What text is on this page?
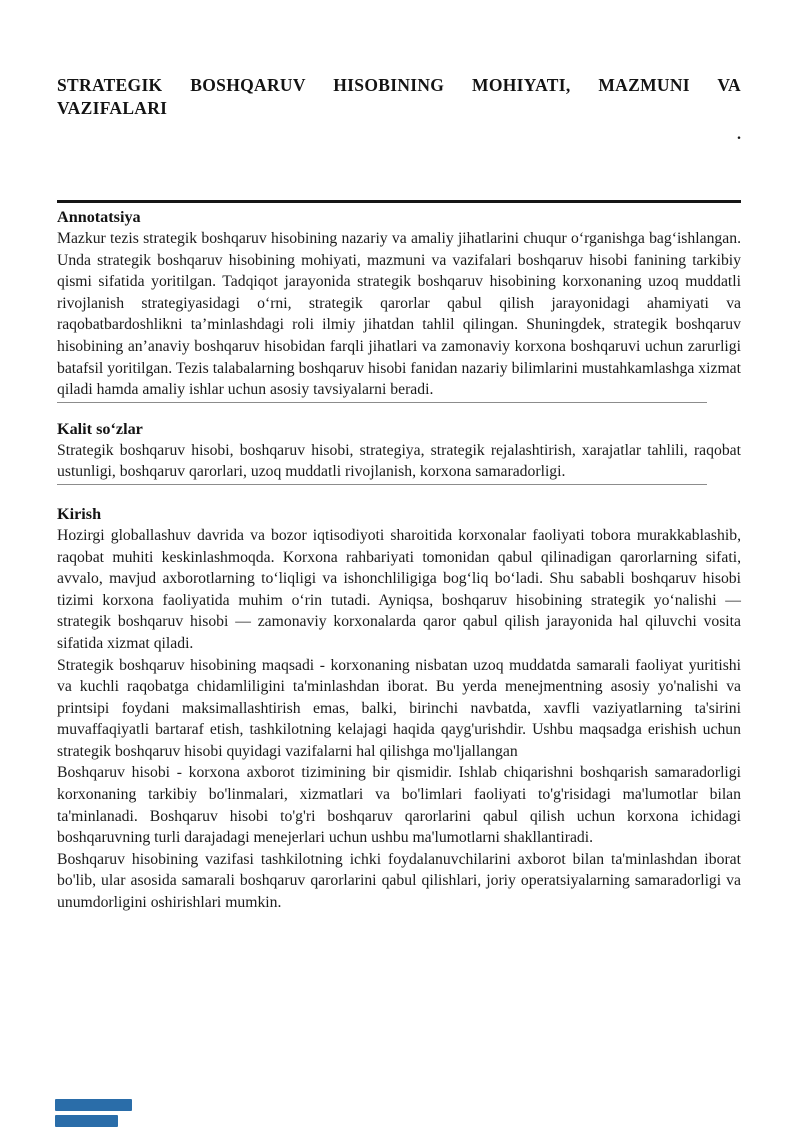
STRATEGIK BOSHQARUV HISOBINING MOHIYATI, MAZMUNI VA
VAZIFALARI
.
Annotatsiya

Mazkur tezis strategik boshqaruv hisobining nazariy va amaliy jihatlarini chuqur o‘rganishga bag‘ishlangan. Unda strategik boshqaruv hisobining mohiyati, mazmuni va vazifalari boshqaruv hisobi fanining tarkibiy qismi sifatida yoritilgan. Tadqiqot jarayonida strategik boshqaruv hisobining korxonaning uzoq muddatli rivojlanish strategiyasidagi o‘rni, strategik qarorlar qabul qilish jarayonidagi ahamiyati va raqobatbardoshlikni ta’minlashdagi roli ilmiy jihatdan tahlil qilingan. Shuningdek, strategik boshqaruv hisobining an’anaviy boshqaruv hisobidan farqli jihatlari va zamonaviy korxona boshqaruvi uchun zarurligi batafsil yoritilgan. Tezis talabalarning boshqaruv hisobi fanidan nazariy bilimlarini mustahkamlashga xizmat qiladi hamda amaliy ishlar uchun asosiy tavsiyalarni beradi.

Kalit so‘zlar

Strategik boshqaruv hisobi, boshqaruv hisobi, strategiya, strategik rejalashtirish, xarajatlar tahlili, raqobat ustunligi, boshqaruv qarorlari, uzoq muddatli rivojlanish, korxona samaradorligi.

Kirish

Hozirgi globallashuv davrida va bozor iqtisodiyoti sharoitida korxonalar faoliyati tobora murakkablashib, raqobat muhiti keskinlashmoqda. Korxona rahbariyati tomonidan qabul qilinadigan qarorlarning sifati, avvalo, mavjud axborotlarning to‘liqligi va ishonchliligiga bog‘liq bo‘ladi. Shu sababli boshqaruv hisobi tizimi korxona faoliyatida muhim o‘rin tutadi. Ayniqsa, boshqaruv hisobining strategik yo‘nalishi — strategik boshqaruv hisobi — zamonaviy korxonalarda qaror qabul qilish jarayonida hal qiluvchi vosita sifatida xizmat qiladi.

Strategik boshqaruv hisobining maqsadi - korxonaning nisbatan uzoq muddatda samarali faoliyat yuritishi va kuchli raqobatga chidamliligini ta'minlashdan iborat. Bu yerda menejmentning asosiy yo'nalishi va printsipi foydani maksimallashtirish emas, balki, birinchi navbatda, xavfli vaziyatlarning ta'sirini muvaffaqiyatli bartaraf etish, tashkilotning kelajagi haqida qayg'urishdir. Ushbu maqsadga erishish uchun strategik boshqaruv hisobi quyidagi vazifalarni hal qilishga mo'ljallangan

Boshqaruv hisobi - korxona axborot tizimining bir qismidir. Ishlab chiqarishni boshqarish samaradorligi korxonaning tarkibiy bo'linmalari, xizmatlari va bo'limlari faoliyati to'g'risidagi ma'lumotlar bilan ta'minlanadi. Boshqaruv hisobi to'g'ri boshqaruv qarorlarini qabul qilish uchun korxona ichidagi boshqaruvning turli darajadagi menejerlari uchun ushbu ma'lumotlarni shakllantiradi.

Boshqaruv hisobining vazifasi tashkilotning ichki foydalanuvchilarini axborot bilan ta'minlashdan iborat bo'lib, ular asosida samarali boshqaruv qarorlarini qabul qilishlari, joriy operatsiyalarning samaradorligi va unumdorligini oshirishlari mumkin.
